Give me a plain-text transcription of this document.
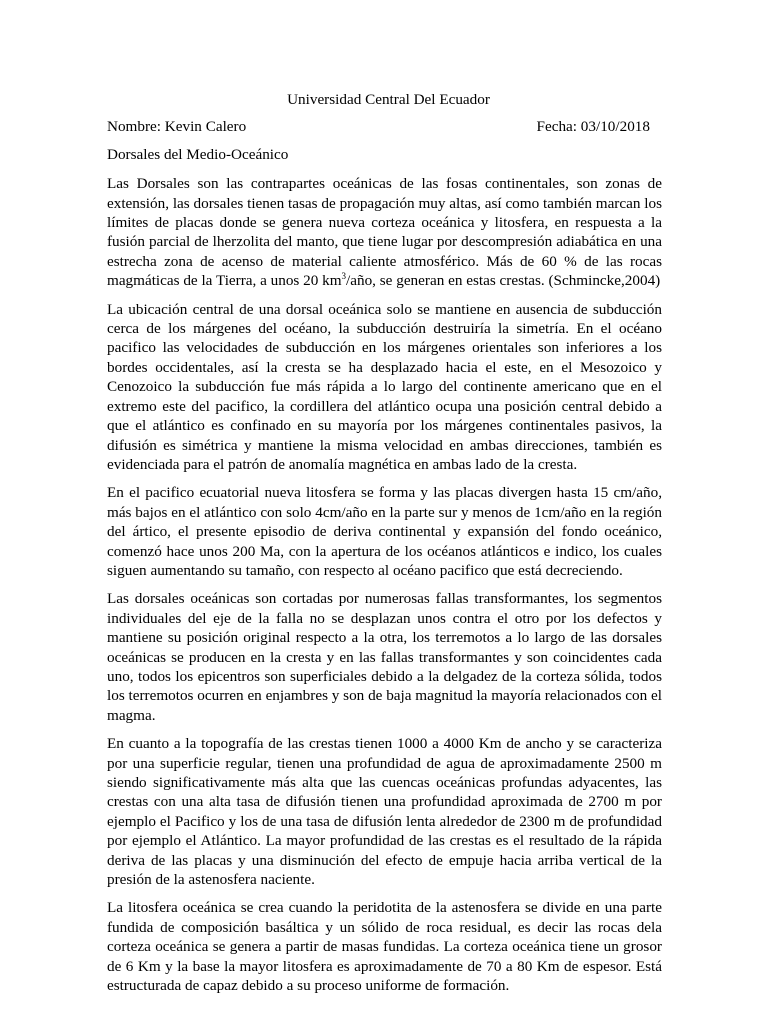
Universidad Central Del Ecuador
Nombre: Kevin Calero	Fecha: 03/10/2018
Dorsales del Medio-Oceánico

Las Dorsales son las contrapartes oceánicas de las fosas continentales, son zonas de extensión, las dorsales tienen tasas de propagación muy altas, así como también marcan los límites de placas donde se genera nueva corteza oceánica y litosfera, en respuesta a la fusión parcial de lherzolita del manto, que tiene lugar por descompresión adiabática en una estrecha zona de acenso de material caliente atmosférico. Más de 60 % de las rocas magmáticas de la Tierra, a unos 20 $km^3$/año, se generan en estas crestas. (Schmincke,2004)

La ubicación central de una dorsal oceánica solo se mantiene en ausencia de subducción cerca de los márgenes del océano, la subducción destruiría la simetría. En el océano pacifico las velocidades de subducción en los márgenes orientales son inferiores a los bordes occidentales, así la cresta se ha desplazado hacia el este, en el Mesozoico y Cenozoico la subducción fue más rápida a lo largo del continente americano que en el extremo este del pacifico, la cordillera del atlántico ocupa una posición central debido a que el atlántico es confinado en su mayoría por los márgenes continentales pasivos, la difusión es simétrica y mantiene la misma velocidad en ambas direcciones, también es evidenciada para el patrón de anomalía magnética en ambas lado de la cresta.

En el pacifico ecuatorial nueva litosfera se forma y las placas divergen hasta 15 cm/año, más bajos en el atlántico con solo 4cm/año en la parte sur y menos de 1cm/año en la región del ártico, el presente episodio de deriva continental y expansión del fondo oceánico, comenzó hace unos 200 Ma, con la apertura de los océanos atlánticos e indico, los cuales siguen aumentando su tamaño, con respecto al océano pacifico que está decreciendo.

Las dorsales oceánicas son cortadas por numerosas fallas transformantes, los segmentos individuales del eje de la falla no se desplazan unos contra el otro por los defectos y mantiene su posición original respecto a la otra, los terremotos a lo largo de las dorsales oceánicas se producen en la cresta y en las fallas transformantes y son coincidentes cada uno, todos los epicentros son superficiales debido a la delgadez de la corteza sólida, todos los terremotos ocurren en enjambres y son de baja magnitud la mayoría relacionados con el magma.

En cuanto a la topografía de las crestas tienen 1000 a 4000 Km de ancho y se caracteriza por una superficie regular, tienen una profundidad de agua de aproximadamente 2500 m siendo significativamente más alta que las cuencas oceánicas profundas adyacentes, las crestas con una alta tasa de difusión tienen una profundidad aproximada de 2700 m por ejemplo el Pacifico y los de una tasa de difusión lenta alrededor de 2300 m de profundidad por ejemplo el Atlántico. La mayor profundidad de las crestas es el resultado de la rápida deriva de las placas y una disminución del efecto de empuje hacia arriba vertical de la presión de la astenosfera naciente.

La litosfera oceánica se crea cuando la peridotita de la astenosfera se divide en una parte fundida de composición basáltica y un sólido de roca residual, es decir las rocas dela corteza oceánica se genera a partir de masas fundidas. La corteza oceánica tiene un grosor de 6 Km y la base la mayor litosfera es aproximadamente de 70 a 80 Km de espesor. Está estructurada de capaz debido a su proceso uniforme de formación.
